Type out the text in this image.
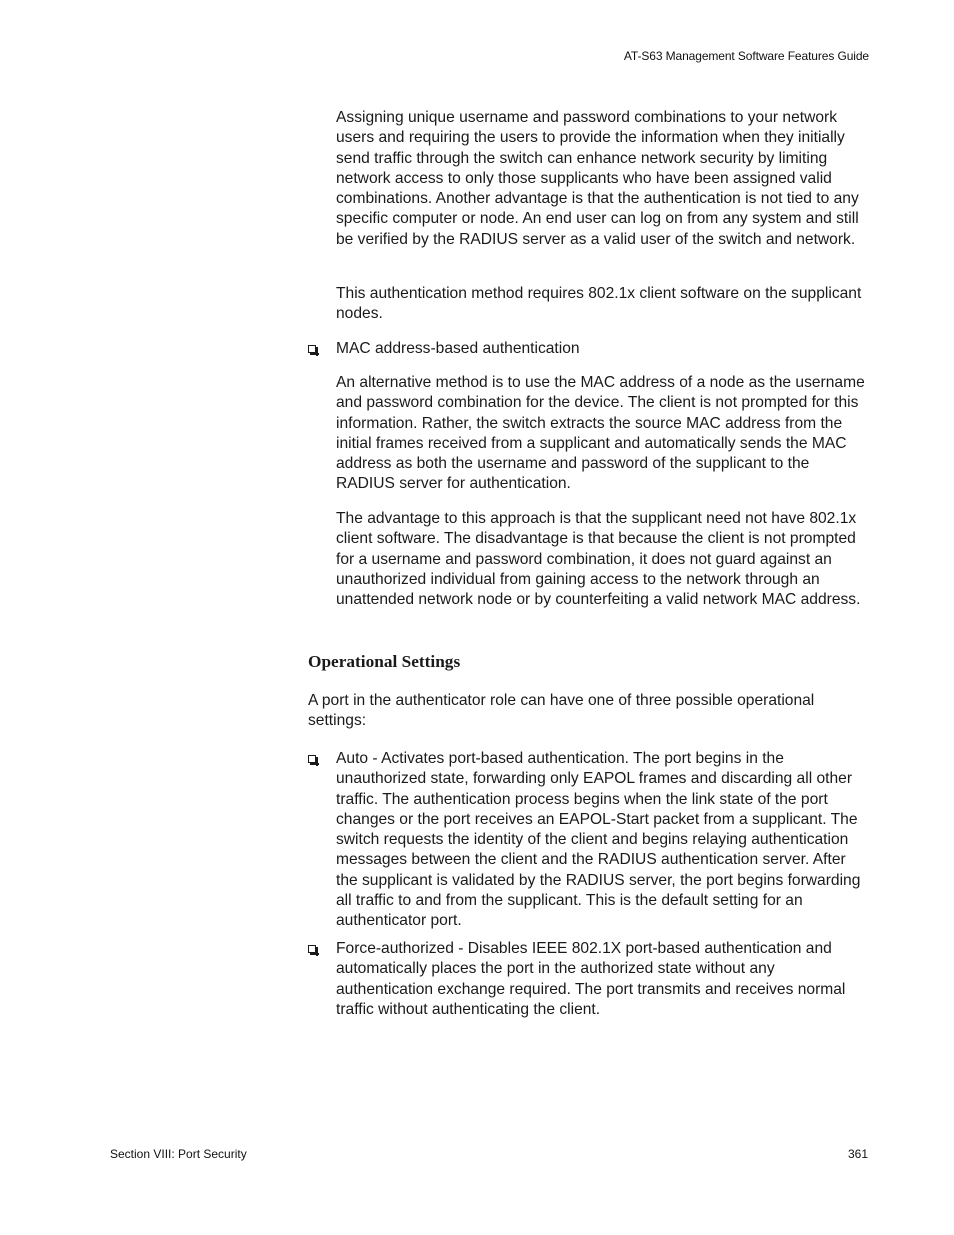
AT-S63 Management Software Features Guide

Assigning unique username and password combinations to your network users and requiring the users to provide the information when they initially send traffic through the switch can enhance network security by limiting network access to only those supplicants who have been assigned valid combinations. Another advantage is that the authentication is not tied to any specific computer or node. An end user can log on from any system and still be verified by the RADIUS server as a valid user of the switch and network.

This authentication method requires 802.1x client software on the supplicant nodes.

MAC address-based authentication

An alternative method is to use the MAC address of a node as the username and password combination for the device. The client is not prompted for this information. Rather, the switch extracts the source MAC address from the initial frames received from a supplicant and automatically sends the MAC address as both the username and password of the supplicant to the RADIUS server for authentication.

The advantage to this approach is that the supplicant need not have 802.1x client software. The disadvantage is that because the client is not prompted for a username and password combination, it does not guard against an unauthorized individual from gaining access to the network through an unattended network node or by counterfeiting a valid network MAC address.

Operational Settings

A port in the authenticator role can have one of three possible operational settings:

Auto - Activates port-based authentication. The port begins in the unauthorized state, forwarding only EAPOL frames and discarding all other traffic. The authentication process begins when the link state of the port changes or the port receives an EAPOL-Start packet from a supplicant. The switch requests the identity of the client and begins relaying authentication messages between the client and the RADIUS authentication server. After the supplicant is validated by the RADIUS server, the port begins forwarding all traffic to and from the supplicant. This is the default setting for an authenticator port.
Force-authorized - Disables IEEE 802.1X port-based authentication and automatically places the port in the authorized state without any authentication exchange required. The port transmits and receives normal traffic without authenticating the client.
Section VIII: Port Security	361
